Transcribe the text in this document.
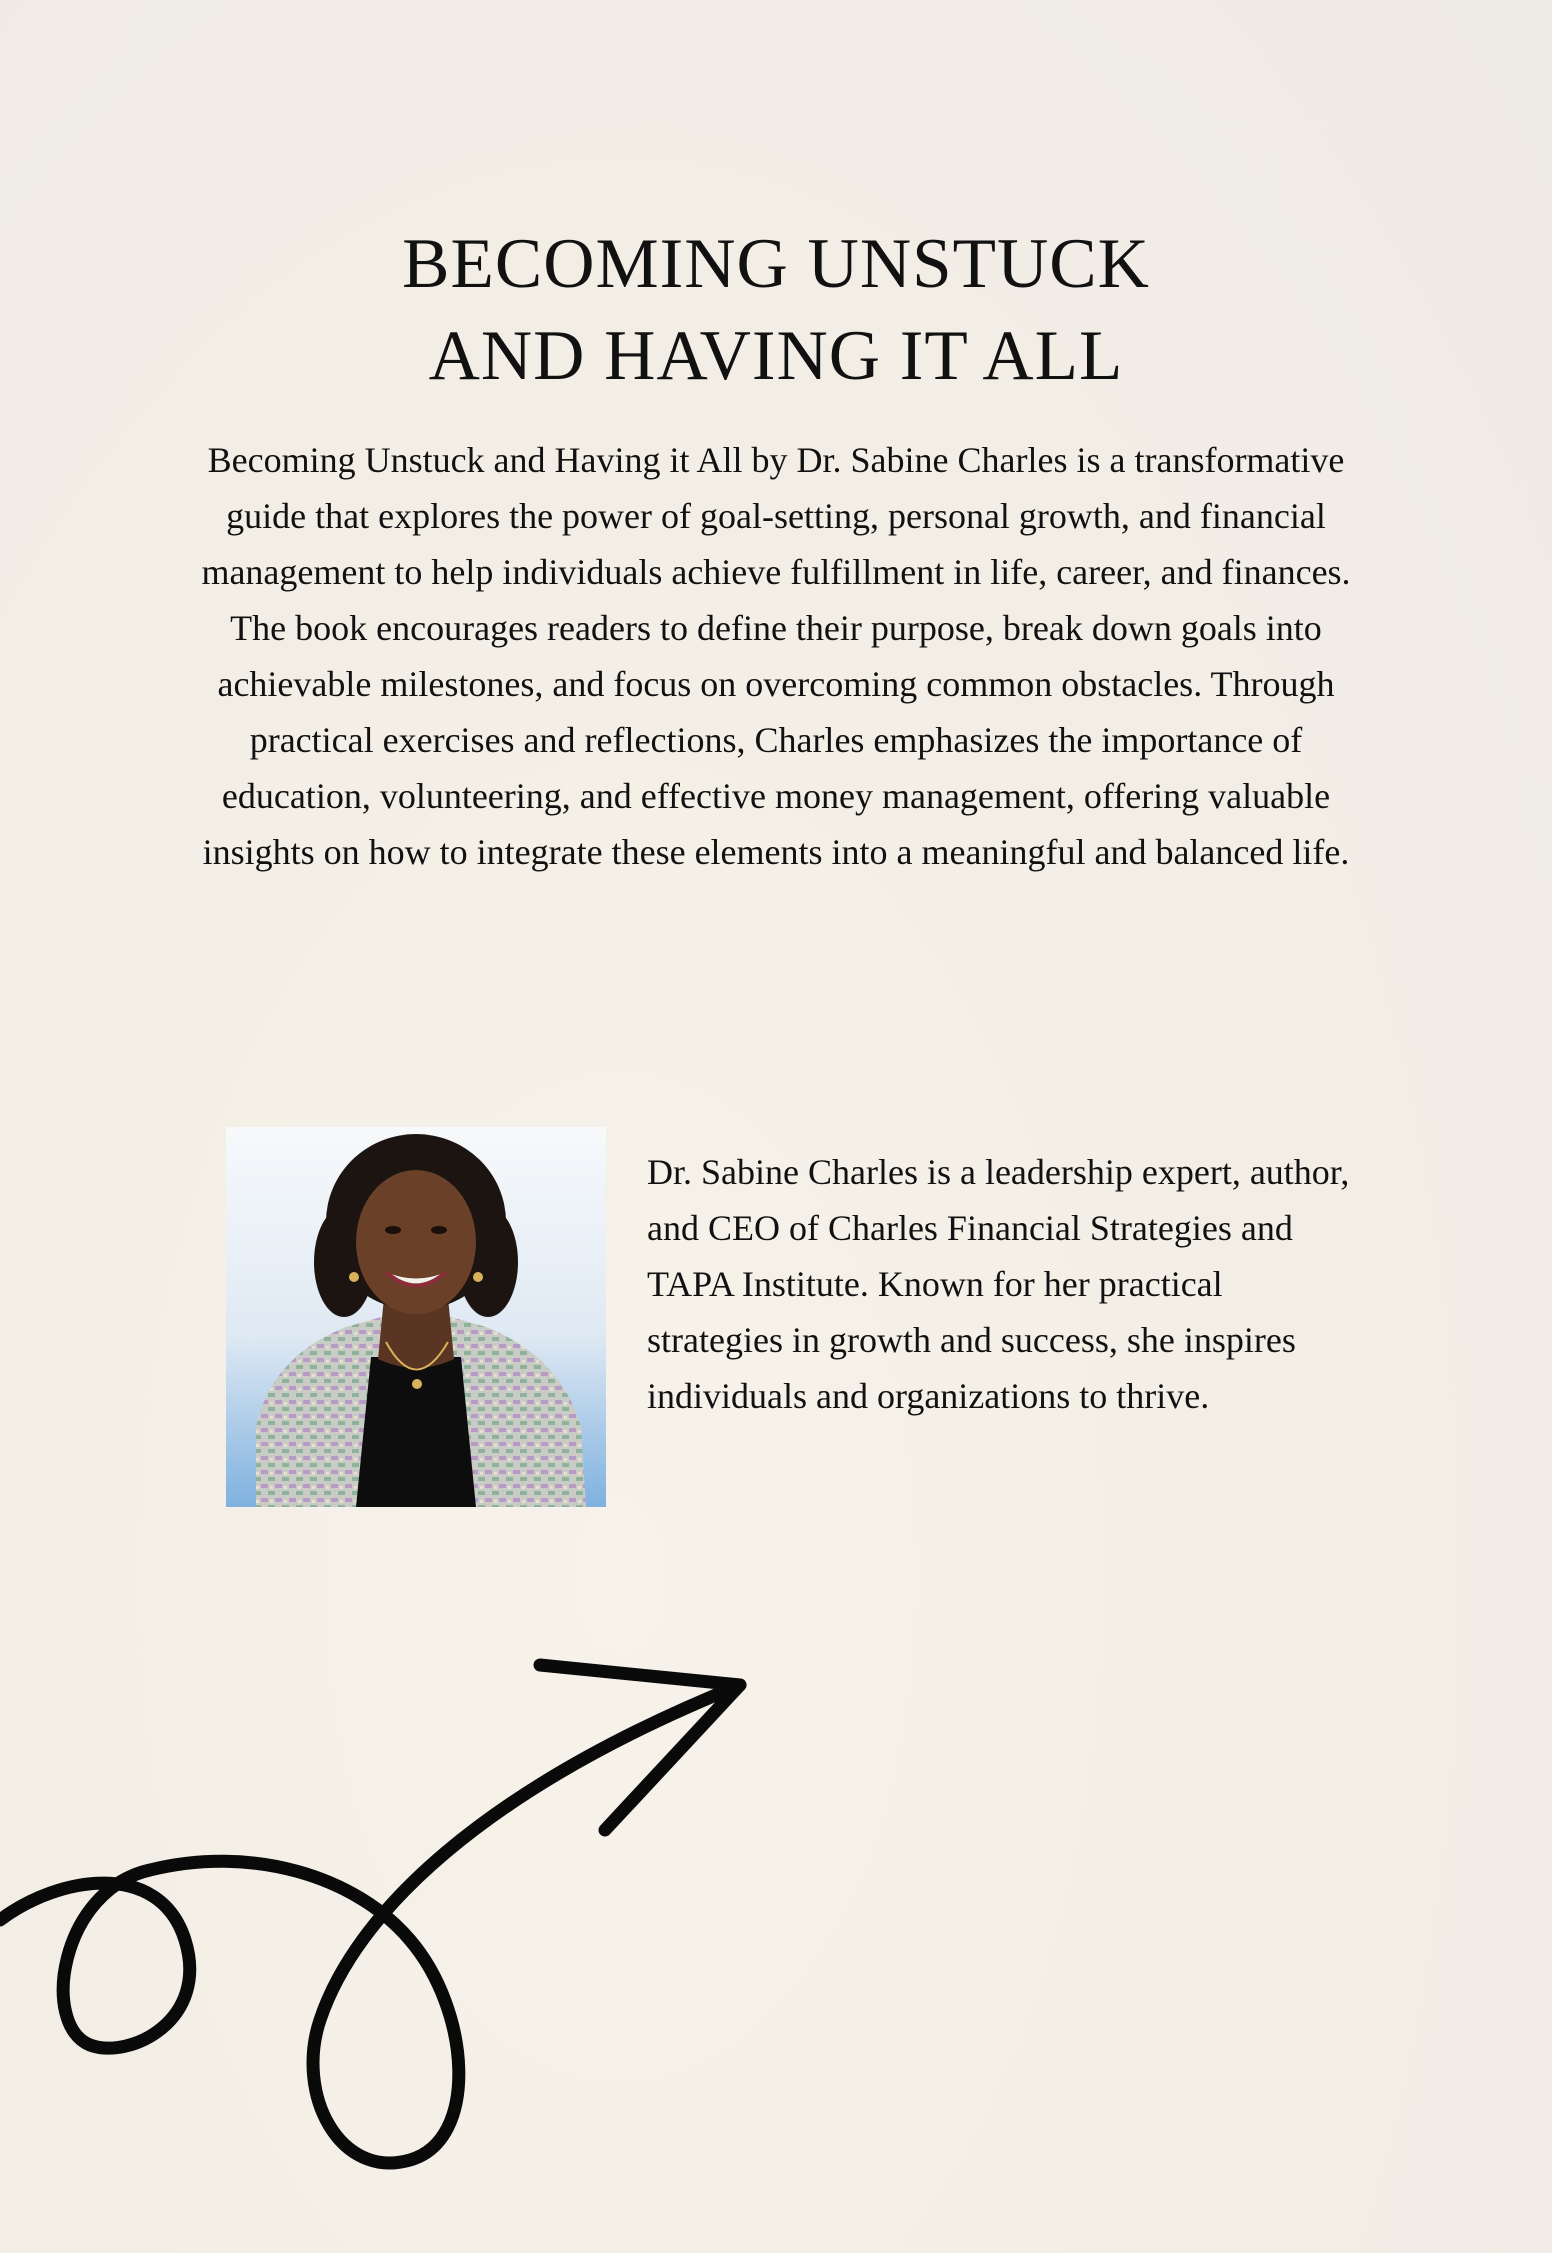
BECOMING UNSTUCK
AND HAVING IT ALL

Becoming Unstuck and Having it All by Dr. Sabine Charles is a transformative guide that explores the power of goal-setting, personal growth, and financial management to help individuals achieve fulfillment in life, career, and finances. The book encourages readers to define their purpose, break down goals into achievable milestones, and focus on overcoming common obstacles. Through practical exercises and reflections, Charles emphasizes the importance of education, volunteering, and effective money management, offering valuable insights on how to integrate these elements into a meaningful and balanced life.

Dr. Sabine Charles is a leadership expert, author, and CEO of Charles Financial Strategies and TAPA Institute. Known for her practical strategies in growth and success, she inspires individuals and organizations to thrive.
